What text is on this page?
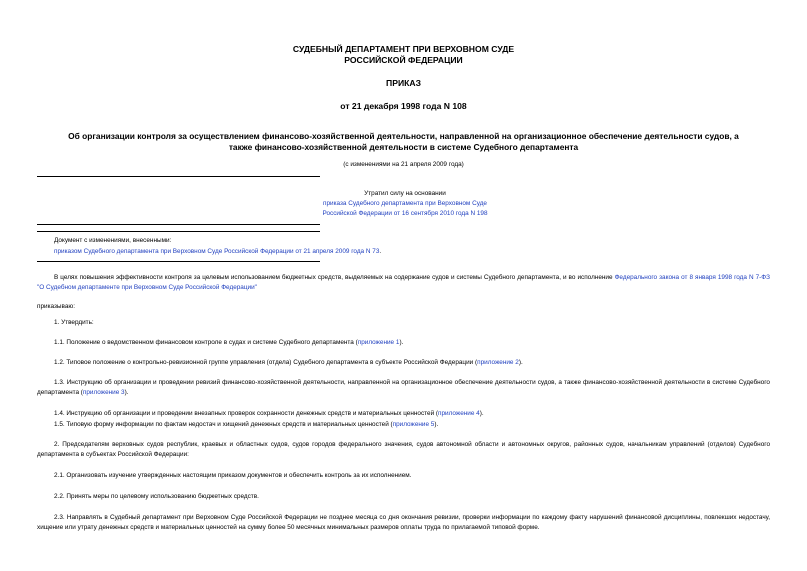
СУДЕБНЫЙ ДЕПАРТАМЕНТ ПРИ ВЕРХОВНОМ СУДЕ
РОССИЙСКОЙ ФЕДЕРАЦИИ
ПРИКАЗ
от 21 декабря 1998 года N 108
Об организации контроля за осуществлением финансово-хозяйственной деятельности, направленной на организационное обеспечение деятельности судов, а
также финансово-хозяйственной деятельности в системе Судебного департамента
(с изменениями на 21 апреля 2009 года)
Утратил силу на основании
приказа Судебного департамента при Верховном Суде
Российской Федерации от 16 сентября 2010 года N 198
Документ с изменениями, внесенными:
приказом Судебного департамента при Верховном Суде Российской Федерации от 21 апреля 2009 года N 73.
В целях повышения эффективности контроля за целевым использованием бюджетных средств, выделяемых на содержание судов и системы Судебного департамента, и во исполнение Федерального закона от 8 января 1998 года N 7-ФЗ "О Судебном департаменте при Верховном Суде Российской Федерации"
приказываю:
1. Утвердить:
1.1. Положение о ведомственном финансовом контроле в судах и системе Судебного департамента (приложение 1).
1.2. Типовое положение о контрольно-ревизионной группе управления (отдела) Судебного департамента в субъекте Российской Федерации (приложение 2).
1.3. Инструкцию об организации и проведении ревизий финансово-хозяйственной деятельности, направленной на организационное обеспечение деятельности судов, а также финансово-хозяйственной деятельности в системе Судебного департамента (приложение 3).
1.4. Инструкцию об организации и проведении внезапных проверок сохранности денежных средств и материальных ценностей (приложение 4).
1.5. Типовую форму информации по фактам недостач и хищений денежных средств и материальных ценностей (приложение 5).
2. Председателям верховных судов республик, краевых и областных судов, судов городов федерального значения, судов автономной области и автономных округов, районных судов, начальникам управлений (отделов) Судебного департамента в субъектах Российской Федерации:
2.1. Организовать изучение утвержденных настоящим приказом документов и обеспечить контроль за их исполнением.
2.2. Принять меры по целевому использованию бюджетных средств.
2.3. Направлять в Судебный департамент при Верховном Суде Российской Федерации не позднее месяца со дня окончания ревизии, проверки информации по каждому факту нарушений финансовой дисциплины, повлекших недостачу, хищение или утрату денежных средств и материальных ценностей на сумму более 50 месячных минимальных размеров оплаты труда по прилагаемой типовой форме.
